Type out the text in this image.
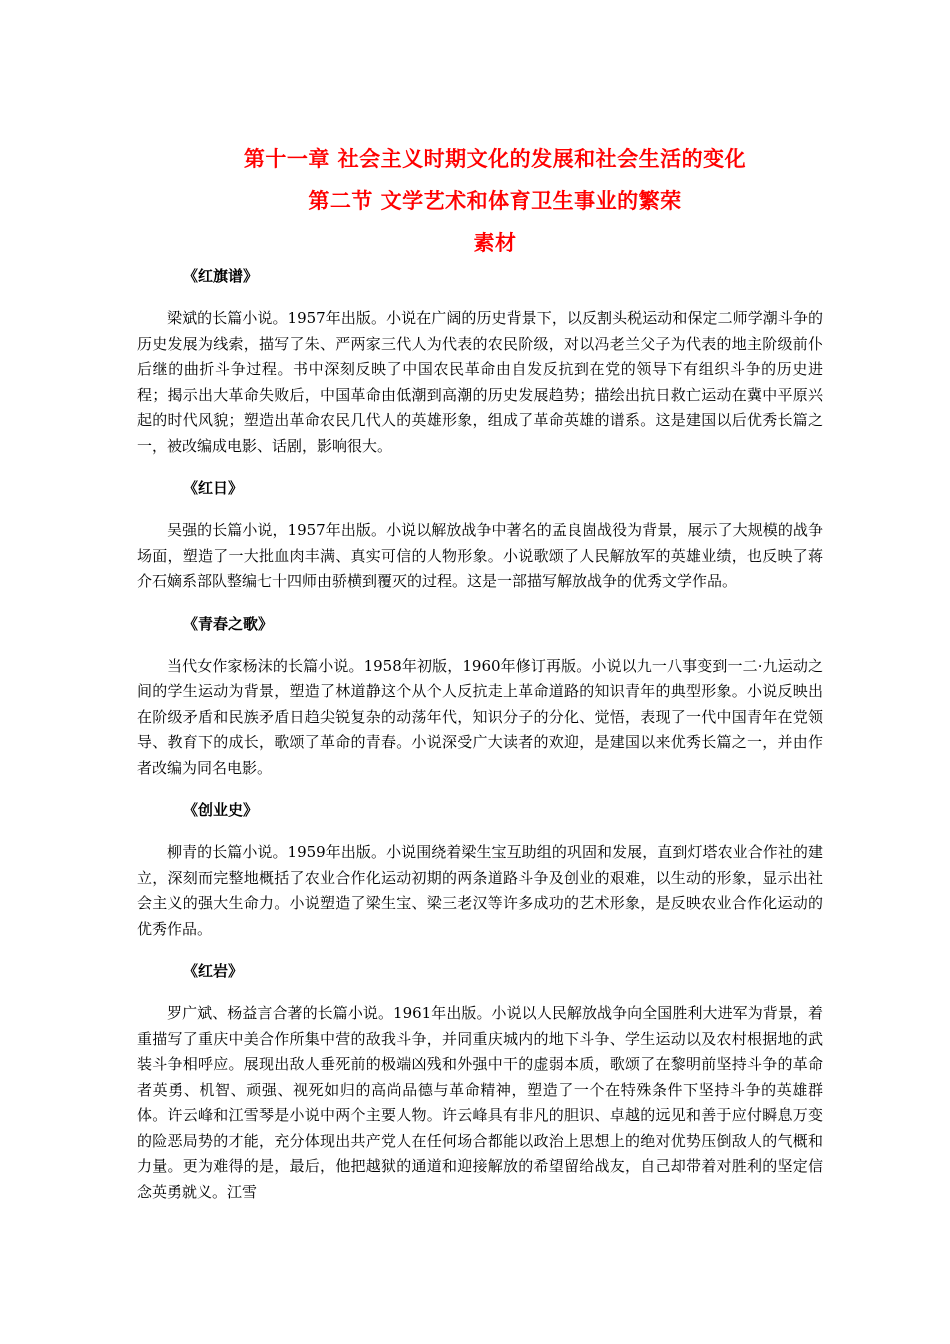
第十一章 社会主义时期文化的发展和社会生活的变化
第二节 文学艺术和体育卫生事业的繁荣
素材
《红旗谱》

梁斌的长篇小说。1957年出版。小说在广阔的历史背景下，以反割头税运动和保定二师学潮斗争的历史发展为线索，描写了朱、严两家三代人为代表的农民阶级，对以冯老兰父子为代表的地主阶级前仆后继的曲折斗争过程。书中深刻反映了中国农民革命由自发反抗到在党的领导下有组织斗争的历史进程；揭示出大革命失败后，中国革命由低潮到高潮的历史发展趋势；描绘出抗日救亡运动在冀中平原兴起的时代风貌；塑造出革命农民几代人的英雄形象，组成了革命英雄的谱系。这是建国以后优秀长篇之一，被改编成电影、话剧，影响很大。

《红日》

吴强的长篇小说，1957年出版。小说以解放战争中著名的孟良崮战役为背景，展示了大规模的战争场面，塑造了一大批血肉丰满、真实可信的人物形象。小说歌颂了人民解放军的英雄业绩，也反映了蒋介石嫡系部队整编七十四师由骄横到覆灭的过程。这是一部描写解放战争的优秀文学作品。

《青春之歌》

当代女作家杨沫的长篇小说。1958年初版，1960年修订再版。小说以九一八事变到一二·九运动之间的学生运动为背景，塑造了林道静这个从个人反抗走上革命道路的知识青年的典型形象。小说反映出在阶级矛盾和民族矛盾日趋尖锐复杂的动荡年代，知识分子的分化、觉悟，表现了一代中国青年在党领导、教育下的成长，歌颂了革命的青春。小说深受广大读者的欢迎，是建国以来优秀长篇之一，并由作者改编为同名电影。

《创业史》

柳青的长篇小说。1959年出版。小说围绕着梁生宝互助组的巩固和发展，直到灯塔农业合作社的建立，深刻而完整地概括了农业合作化运动初期的两条道路斗争及创业的艰难，以生动的形象，显示出社会主义的强大生命力。小说塑造了梁生宝、梁三老汉等许多成功的艺术形象，是反映农业合作化运动的优秀作品。

《红岩》

罗广斌、杨益言合著的长篇小说。1961年出版。小说以人民解放战争向全国胜利大进军为背景，着重描写了重庆中美合作所集中营的敌我斗争，并同重庆城内的地下斗争、学生运动以及农村根据地的武装斗争相呼应。展现出敌人垂死前的极端凶残和外强中干的虚弱本质，歌颂了在黎明前坚持斗争的革命者英勇、机智、顽强、视死如归的高尚品德与革命精神，塑造了一个在特殊条件下坚持斗争的英雄群体。许云峰和江雪琴是小说中两个主要人物。许云峰具有非凡的胆识、卓越的远见和善于应付瞬息万变的险恶局势的才能，充分体现出共产党人在任何场合都能以政治上思想上的绝对优势压倒敌人的气概和力量。更为难得的是，最后，他把越狱的通道和迎接解放的希望留给战友，自己却带着对胜利的坚定信念英勇就义。江雪
